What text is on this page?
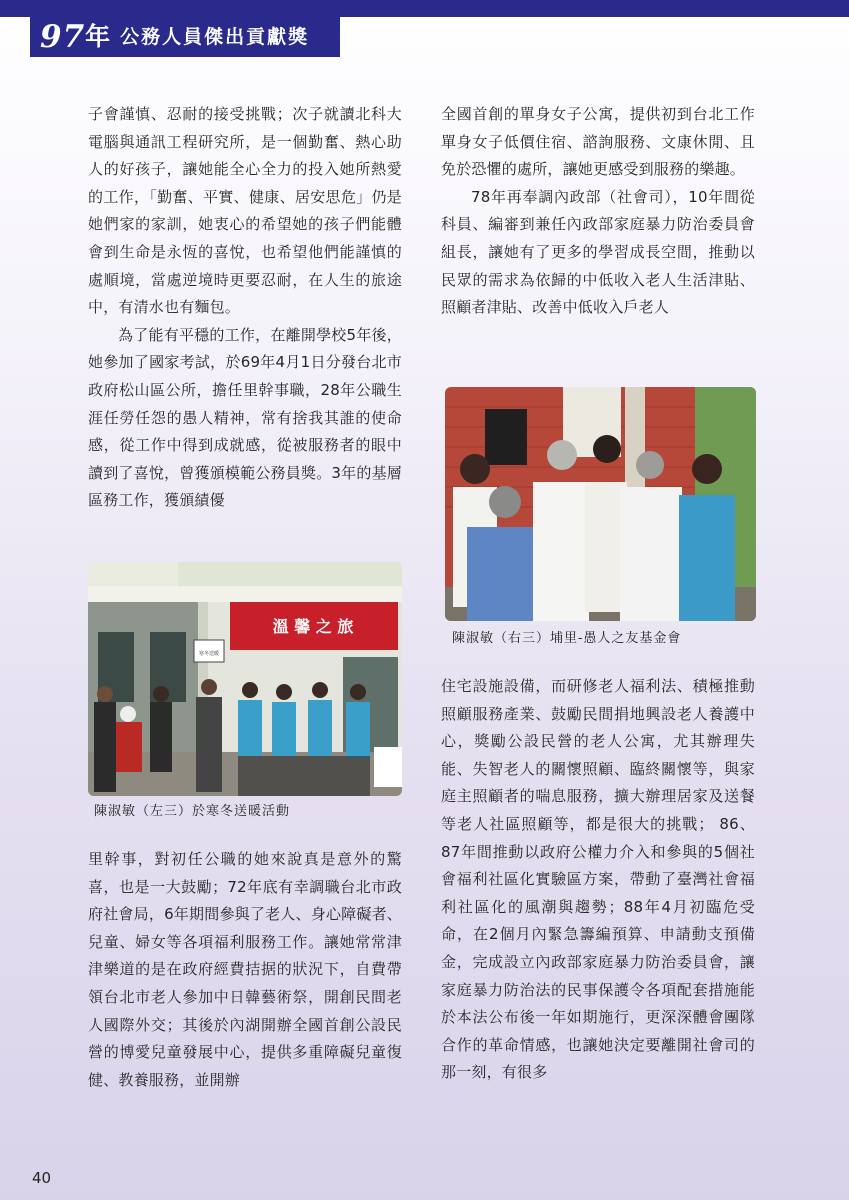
97 年 公務人員傑出貢獻獎

子會謹慎、忍耐的接受挑戰；次子就讀北科大電腦與通訊工程研究所，是一個勤奮、熱心助人的好孩子，讓她能全心全力的投入她所熱愛的工作，「勤奮、平實、健康、居安思危」仍是她們家的家訓，她衷心的希望她的孩子們能體會到生命是永恆的喜悅，也希望他們能謹慎的處順境，當處逆境時更要忍耐，在人生的旅途中，有清水也有麵包。

為了能有平穩的工作，在離開學校5年後，她參加了國家考試，於69年4月1日分發台北市政府松山區公所，擔任里幹事職，28年公職生涯任勞任怨的愚人精神，常有捨我其誰的使命感，從工作中得到成就感，從被服務者的眼中讀到了喜悅，曾獲頒模範公務員獎。3年的基層區務工作，獲頒績優

溫 馨 之 旅
寒冬送暖
陳淑敏（左三）於寒冬送暖活動

里幹事，對初任公職的她來說真是意外的驚喜，也是一大鼓勵；72年底有幸調職台北市政府社會局，6年期間參與了老人、身心障礙者、兒童、婦女等各項福利服務工作。讓她常常津津樂道的是在政府經費拮据的狀況下，自費帶領台北市老人參加中日韓藝術祭，開創民間老人國際外交；其後於內湖開辦全國首創公設民營的博愛兒童發展中心，提供多重障礙兒童復健、教養服務，並開辦

全國首創的單身女子公寓，提供初到台北工作單身女子低價住宿、諮詢服務、文康休閒、且免於恐懼的處所，讓她更感受到服務的樂趣。

78年再奉調內政部（社會司），10年間從科員、編審到兼任內政部家庭暴力防治委員會組長，讓她有了更多的學習成長空間，推動以民眾的需求為依歸的中低收入老人生活津貼、照顧者津貼、改善中低收入戶老人

陳淑敏（右三）埔里-愚人之友基金會

住宅設施設備，而研修老人福利法、積極推動照顧服務產業、鼓勵民間捐地興設老人養護中心，獎勵公設民營的老人公寓，尤其辦理失能、失智老人的關懷照顧、臨終關懷等，與家庭主照顧者的喘息服務，擴大辦理居家及送餐等老人社區照顧等，都是很大的挑戰； 86、87年間推動以政府公權力介入和參與的5個社會福利社區化實驗區方案，帶動了臺灣社會福利社區化的風潮與趨勢；88年4月初臨危受命，在2個月內緊急籌編預算、申請動支預備金，完成設立內政部家庭暴力防治委員會，讓家庭暴力防治法的民事保護令各項配套措施能於本法公布後一年如期施行，更深深體會團隊合作的革命情感，也讓她決定要離開社會司的那一刻，有很多

40
